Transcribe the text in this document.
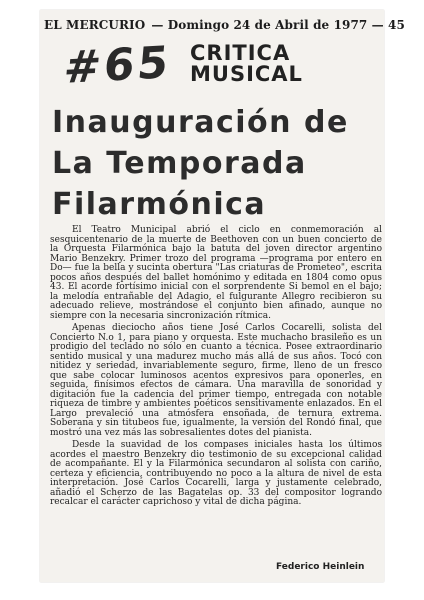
EL MERCURIO — Domingo 24 de Abril de 1977 — 45
#65 CRITICA
MUSICAL
Inauguración de
La Temporada
Filarmónica

El Teatro Municipal abrió el ciclo en conmemoración al sesquicentenario de la muerte de Beethoven con un buen concierto de la Orquesta Filarmónica bajo la batuta del joven director argentino Mario Benzekry. Primer trozo del programa —programa por entero en Do— fue la bella y sucinta obertura "Las criaturas de Prometeo", escrita pocos años después del ballet homónimo y editada en 1804 como opus 43. El acorde fortísimo inicial con el sorprendente Si bemol en el bajo; la melodía entrañable del Adagio, el fulgurante Allegro recibieron su adecuado relieve, mostrándose el conjunto bien afinado, aunque no siempre con la necesaria sincronización rítmica.

Apenas dieciocho años tiene José Carlos Cocarelli, solista del Concierto N.o 1, para piano y orquesta. Este muchacho brasileño es un prodigio del teclado no sólo en cuanto a técnica. Posee extraordinario sentido musical y una madurez mucho más allá de sus años. Tocó con nitidez y seriedad, invariablemente seguro, firme, lleno de un fresco que sabe colocar luminosos acentos expresivos para oponerles, en seguida, finísimos efectos de cámara. Una maravilla de sonoridad y digitación fue la cadencia del primer tiempo, entregada con notable riqueza de timbre y ambientes poéticos sensitivamente enlazados. En el Largo prevaleció una atmósfera ensoñada, de ternura extrema. Soberana y sin titubeos fue, igualmente, la versión del Rondó final, que mostró una vez más las sobresalientes dotes del pianista.

Desde la suavidad de los compases iniciales hasta los últimos acordes el maestro Benzekry dio testimonio de su excepcional calidad de acompañante. El y la Filarmónica secundaron al solista con cariño, certeza y eficiencia, contribuyendo no poco a la altura de nivel de esta interpretación. José Carlos Cocarelli, larga y justamente celebrado, añadió el Scherzo de las Bagatelas op. 33 del compositor logrando recalcar el carácter caprichoso y vital de dicha página.

Federico Heinlein
